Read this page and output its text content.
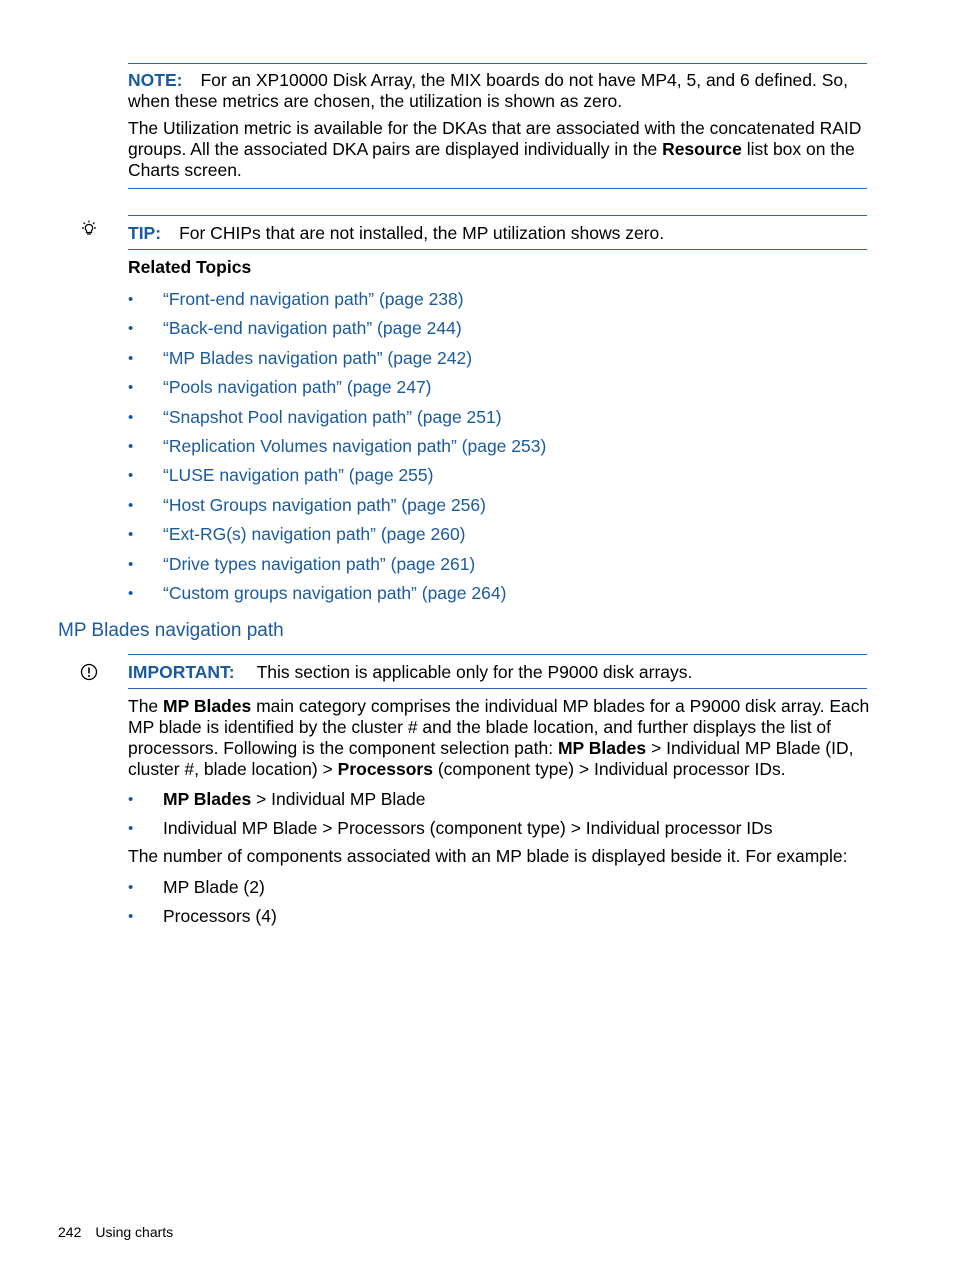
NOTE: For an XP10000 Disk Array, the MIX boards do not have MP4, 5, and 6 defined. So,
when these metrics are chosen, the utilization is shown as zero.
The Utilization metric is available for the DKAs that are associated with the concatenated RAID groups. All the associated DKA pairs are displayed individually in the Resource list box on the Charts screen.
TIP: For CHIPs that are not installed, the MP utilization shows zero.
Related Topics
• “Front-end navigation path” (page 238)
• “Back-end navigation path” (page 244)
• “MP Blades navigation path” (page 242)
• “Pools navigation path” (page 247)
• “Snapshot Pool navigation path” (page 251)
• “Replication Volumes navigation path” (page 253)
• “LUSE navigation path” (page 255)
• “Host Groups navigation path” (page 256)
• “Ext-RG(s) navigation path” (page 260)
• “Drive types navigation path” (page 261)
• “Custom groups navigation path” (page 264)
MP Blades navigation path
IMPORTANT: This section is applicable only for the P9000 disk arrays.
The MP Blades main category comprises the individual MP blades for a P9000 disk array. Each MP blade is identified by the cluster # and the blade location, and further displays the list of processors. Following is the component selection path: MP Blades > Individual MP Blade (ID, cluster #, blade location) > Processors (component type) > Individual processor IDs.
• MP Blades > Individual MP Blade
• Individual MP Blade > Processors (component type) > Individual processor IDs
The number of components associated with an MP blade is displayed beside it. For example:
• MP Blade (2)
• Processors (4)
242 Using charts
